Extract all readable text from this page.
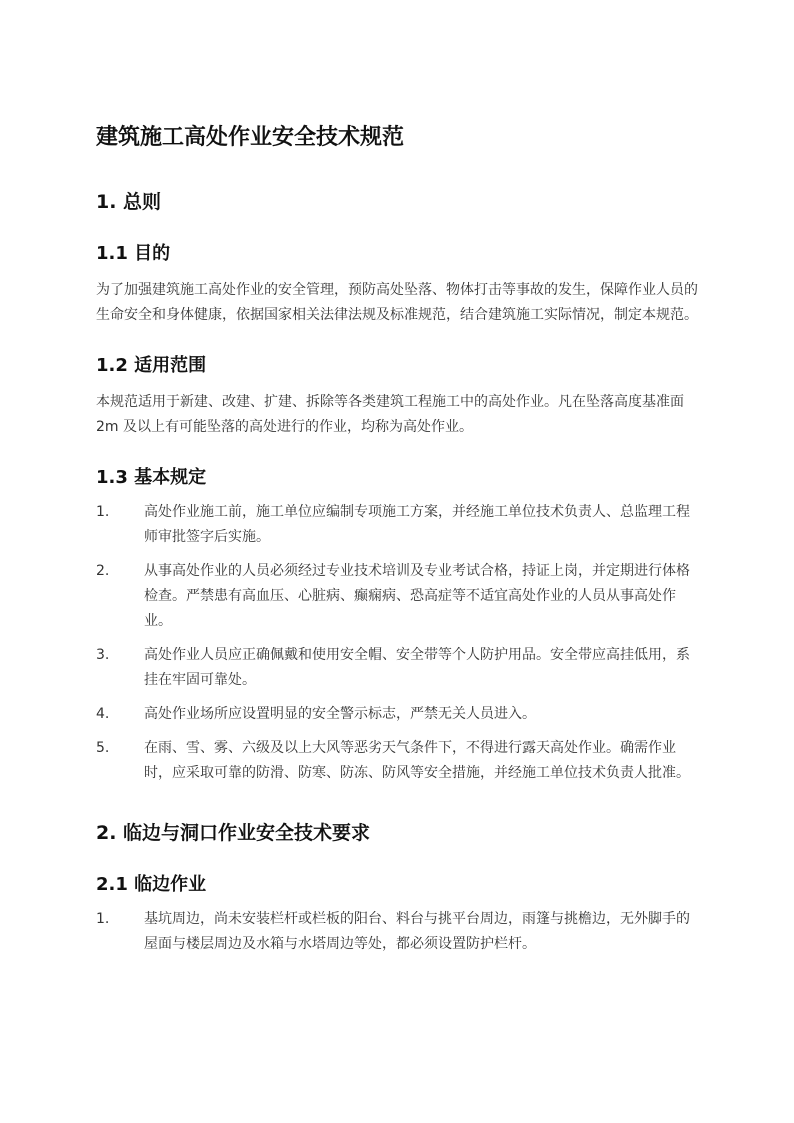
建筑施工高处作业安全技术规范
1. 总则
1.1 目的

为了加强建筑施工高处作业的安全管理，预防高处坠落、物体打击等事故的发生，保障作业人员的生命安全和身体健康，依据国家相关法律法规及标准规范，结合建筑施工实际情况，制定本规范。

1.2 适用范围

本规范适用于新建、改建、扩建、拆除等各类建筑工程施工中的高处作业。凡在坠落高度基准面 2m 及以上有可能坠落的高处进行的作业，均称为高处作业。

1.3 基本规定
1.	高处作业施工前，施工单位应编制专项施工方案，并经施工单位技术负责人、总监理工程师审批签字后实施。
2.	从事高处作业的人员必须经过专业技术培训及专业考试合格，持证上岗，并定期进行体格检查。严禁患有高血压、心脏病、癫痫病、恐高症等不适宜高处作业的人员从事高处作业。
3.	高处作业人员应正确佩戴和使用安全帽、安全带等个人防护用品。安全带应高挂低用，系挂在牢固可靠处。
4.	高处作业场所应设置明显的安全警示标志，严禁无关人员进入。
5.	在雨、雪、雾、六级及以上大风等恶劣天气条件下，不得进行露天高处作业。确需作业时，应采取可靠的防滑、防寒、防冻、防风等安全措施，并经施工单位技术负责人批准。
2. 临边与洞口作业安全技术要求
2.1 临边作业
1.	基坑周边，尚未安装栏杆或栏板的阳台、料台与挑平台周边，雨篷与挑檐边，无外脚手的屋面与楼层周边及水箱与水塔周边等处，都必须设置防护栏杆。
